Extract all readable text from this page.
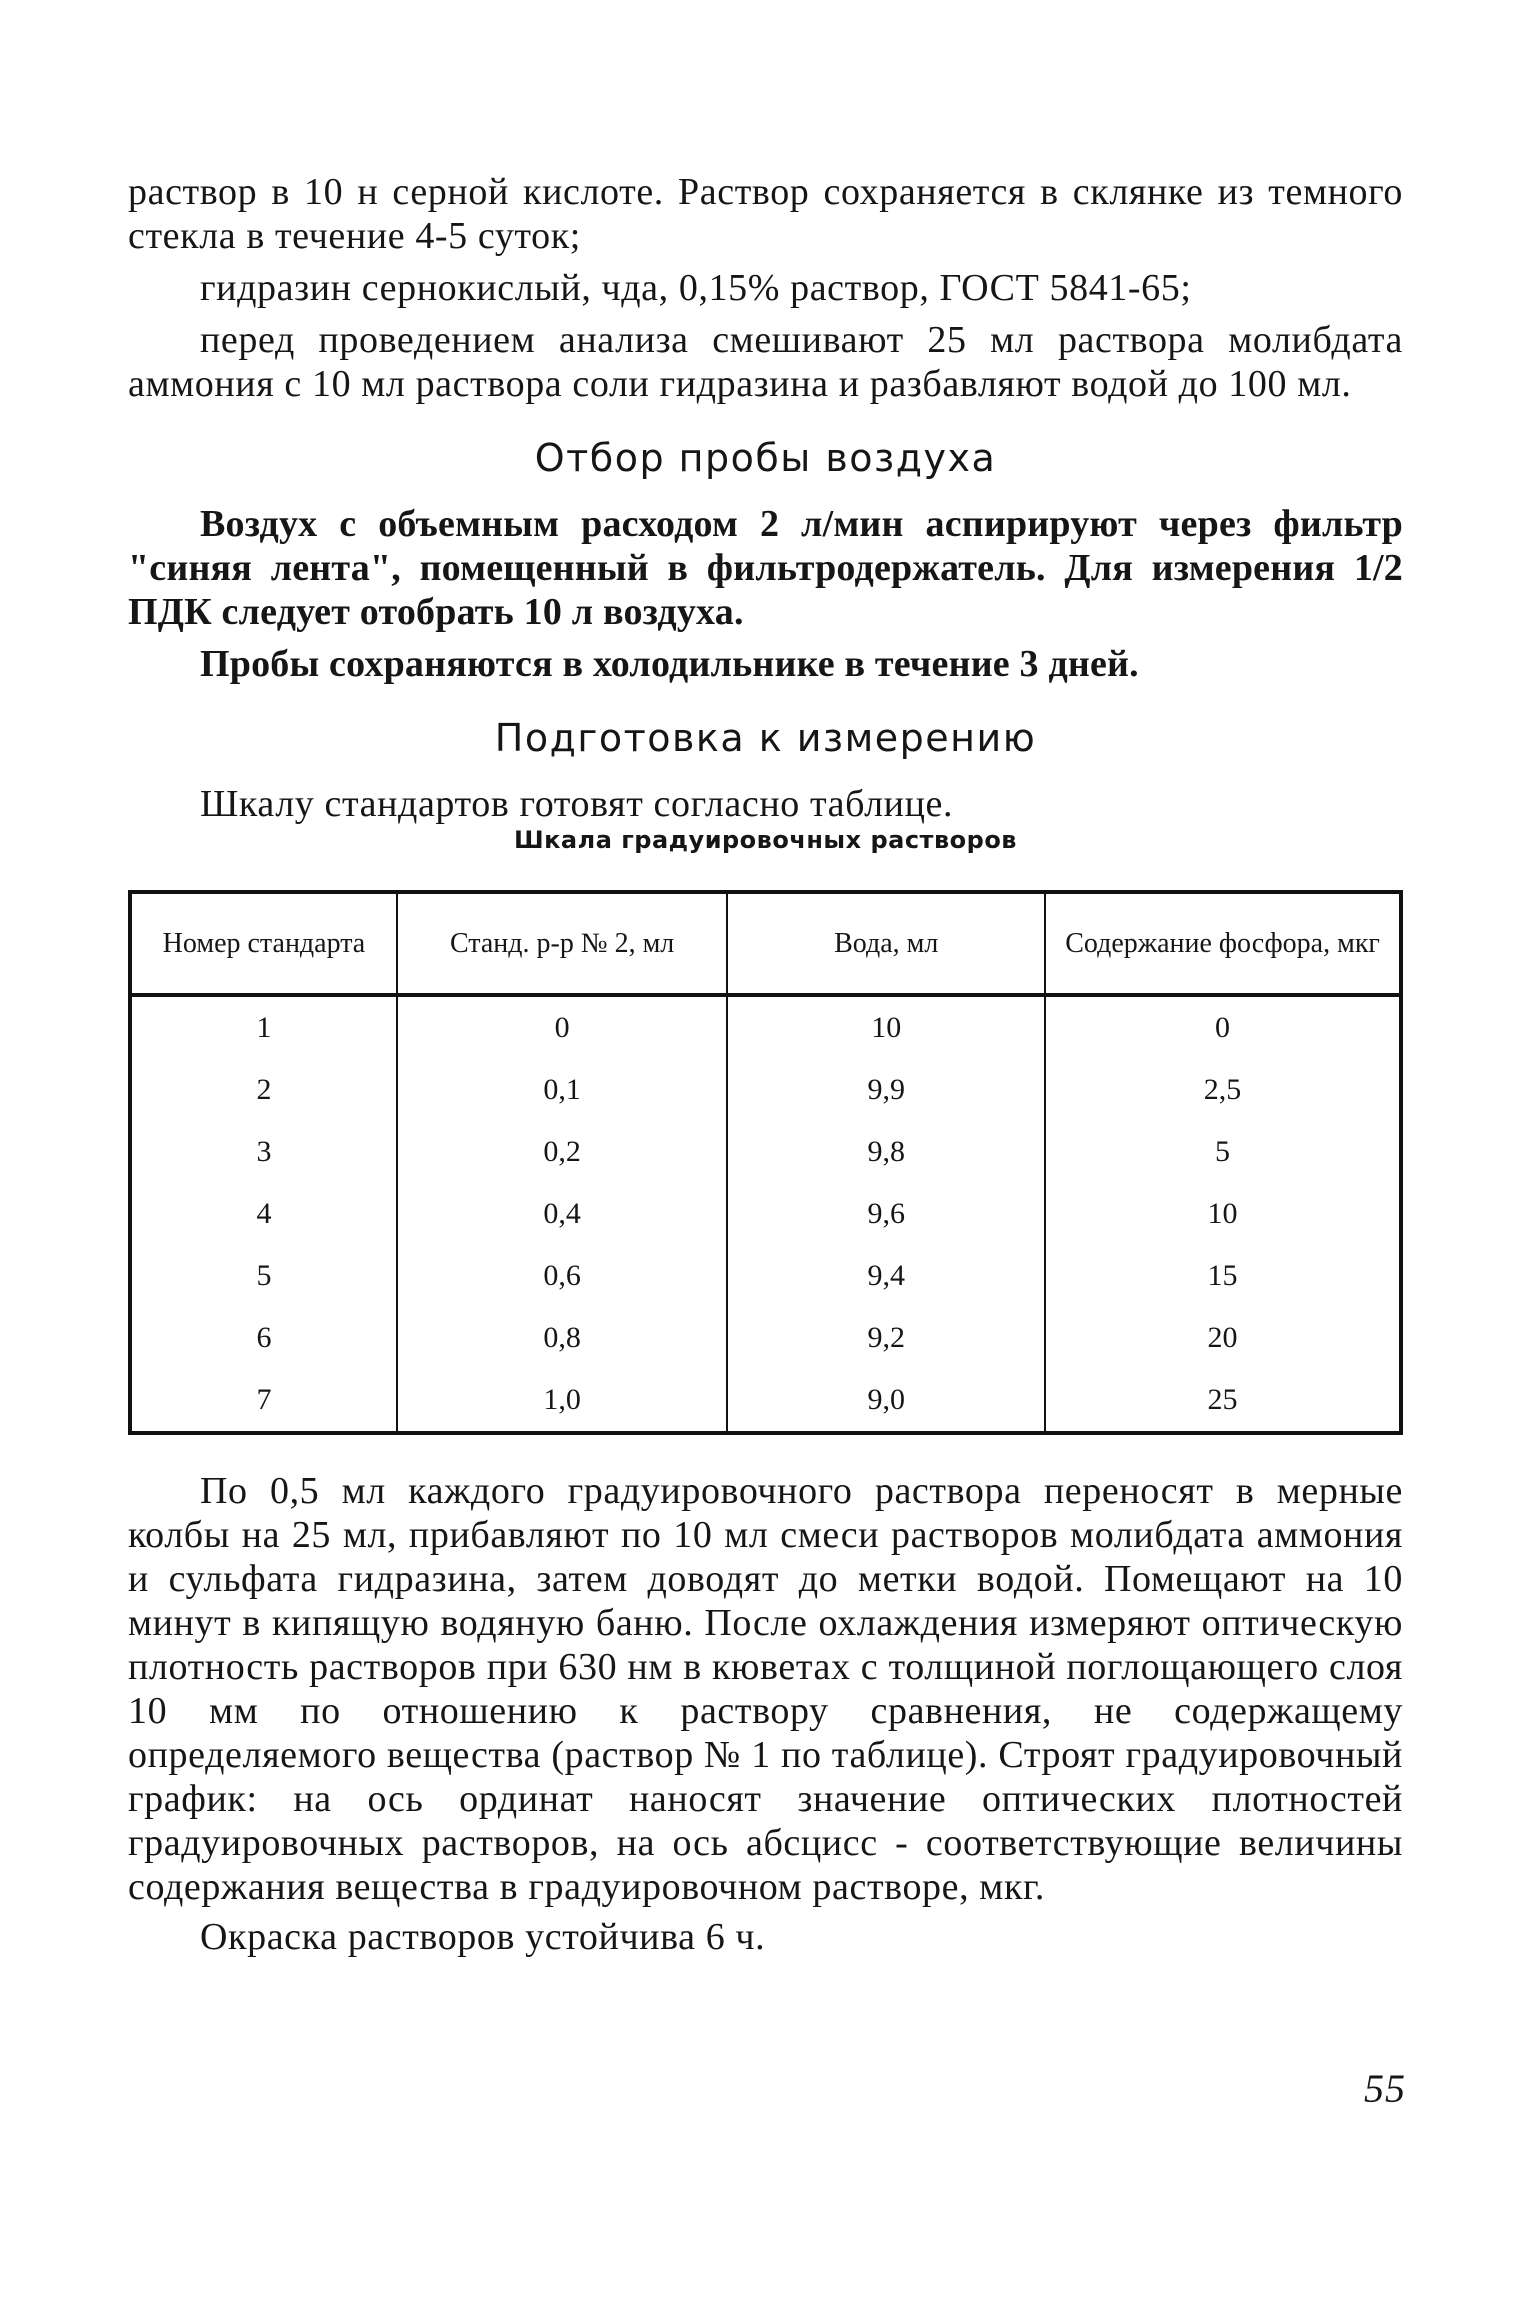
раствор в 10 н серной кислоте. Раствор сохраняется в склянке из темного стекла в течение 4-5 суток;

гидразин сернокислый, чда, 0,15% раствор, ГОСТ 5841-65;

перед проведением анализа смешивают 25 мл раствора молибдата аммония с 10 мл раствора соли гидразина и разбавляют водой до 100 мл.

Отбор пробы воздуха

Воздух с объемным расходом 2 л/мин аспирируют через фильтр "синяя лента", помещенный в фильтродержатель. Для измерения 1/2 ПДК следует отобрать 10 л воздуха.

Пробы сохраняются в холодильнике в течение 3 дней.

Подготовка к измерению

Шкалу стандартов готовят согласно таблице.

Шкала градуировочных растворов
Номер стандарта	Станд. р-р № 2, мл	Вода, мл	Содержание фосфора, мкг
1	0	10	0
2	0,1	9,9	2,5
3	0,2	9,8	5
4	0,4	9,6	10
5	0,6	9,4	15
6	0,8	9,2	20
7	1,0	9,0	25

По 0,5 мл каждого градуировочного раствора переносят в мерные колбы на 25 мл, прибавляют по 10 мл смеси растворов молибдата аммония и сульфата гидразина, затем доводят до метки водой. Помещают на 10 минут в кипящую водяную баню. После охлаждения измеряют оптическую плотность растворов при 630 нм в кюветах с толщиной поглощающего слоя 10 мм по отношению к раствору сравнения, не содержащему определяемого вещества (раствор № 1 по таблице). Строят градуировочный график: на ось ординат наносят значение оптических плотностей градуировочных растворов, на ось абсцисс - соответствующие величины содержания вещества в градуировочном растворе, мкг.

Окраска растворов устойчива 6 ч.

55
